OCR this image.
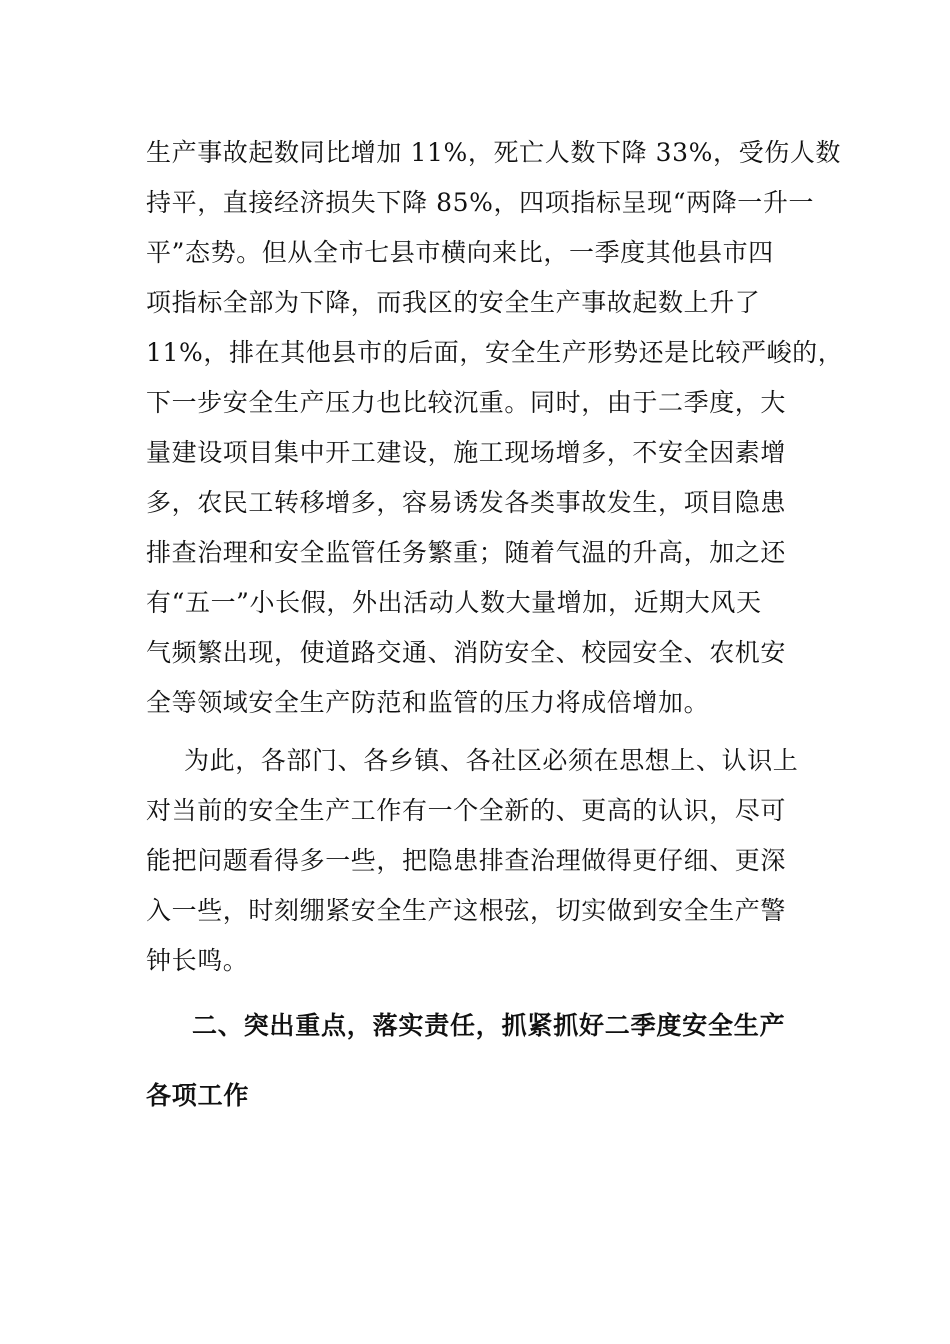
生产事故起数同比增加 11%，死亡人数下降 33%，受伤人数
持平，直接经济损失下降 85%，四项指标呈现“两降一升一
平”态势。但从全市七县市横向来比，一季度其他县市四
项指标全部为下降，而我区的安全生产事故起数上升了
11%，排在其他县市的后面，安全生产形势还是比较严峻的，
下一步安全生产压力也比较沉重。同时，由于二季度，大
量建设项目集中开工建设，施工现场增多，不安全因素增
多，农民工转移增多，容易诱发各类事故发生，项目隐患
排查治理和安全监管任务繁重；随着气温的升高，加之还
有“五一”小长假，外出活动人数大量增加，近期大风天
气频繁出现，使道路交通、消防安全、校园安全、农机安
全等领域安全生产防范和监管的压力将成倍增加。
为此，各部门、各乡镇、各社区必须在思想上、认识上
对当前的安全生产工作有一个全新的、更高的认识，尽可
能把问题看得多一些，把隐患排查治理做得更仔细、更深
入一些，时刻绷紧安全生产这根弦，切实做到安全生产警
钟长鸣。
二、突出重点，落实责任，抓紧抓好二季度安全生产
各项工作
